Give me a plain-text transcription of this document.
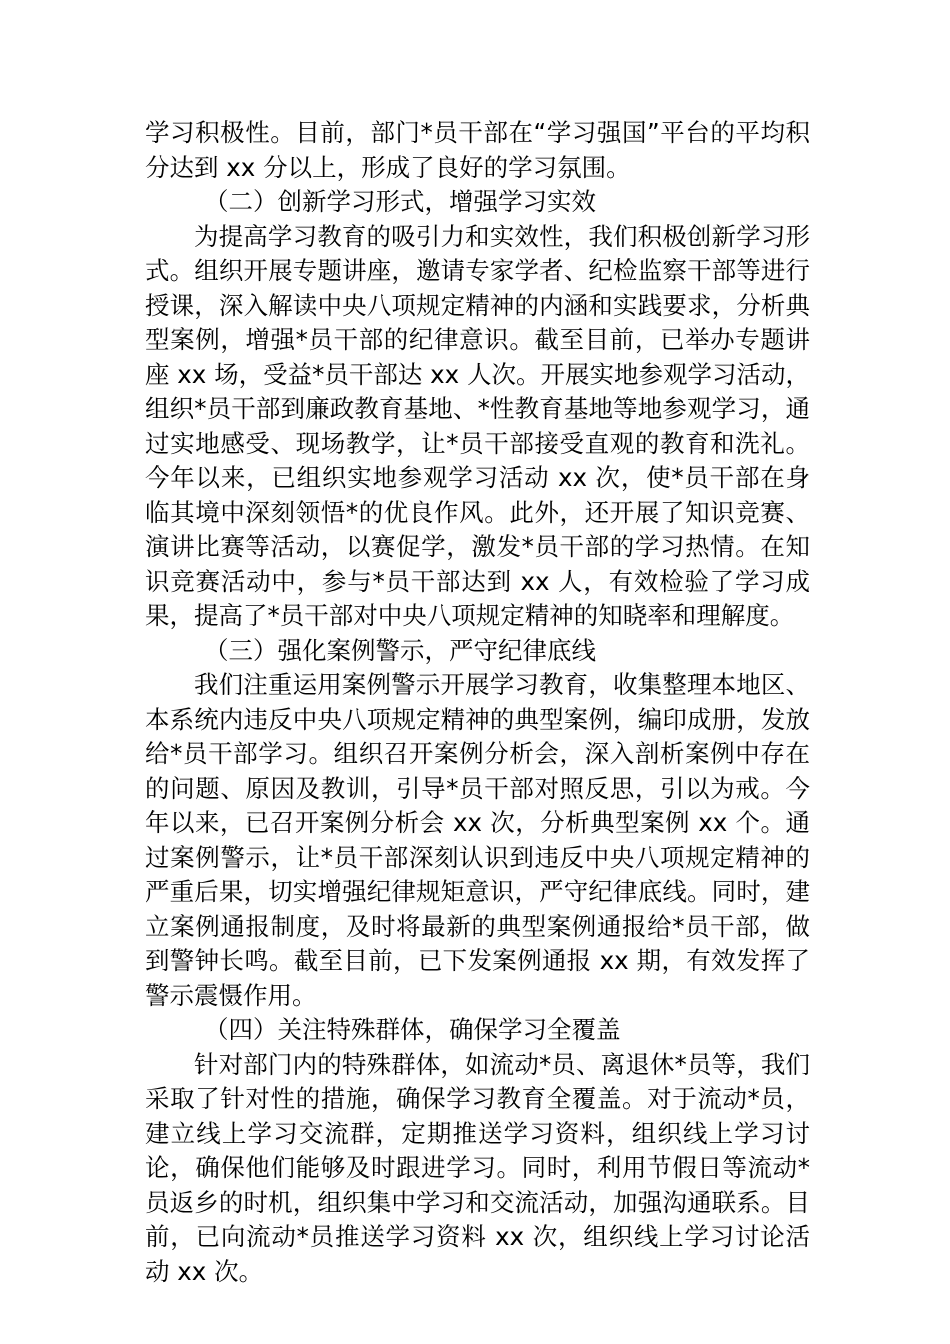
学习积极性。目前，部门*员干部在“学习强国”平台的平均积分达到 xx 分以上，形成了良好的学习氛围。

（二）创新学习形式，增强学习实效

为提高学习教育的吸引力和实效性，我们积极创新学习形式。组织开展专题讲座，邀请专家学者、纪检监察干部等进行授课，深入解读中央八项规定精神的内涵和实践要求，分析典型案例，增强*员干部的纪律意识。截至目前，已举办专题讲座 xx 场，受益*员干部达 xx 人次。开展实地参观学习活动，组织*员干部到廉政教育基地、*性教育基地等地参观学习，通过实地感受、现场教学，让*员干部接受直观的教育和洗礼。今年以来，已组织实地参观学习活动 xx 次，使*员干部在身临其境中深刻领悟*的优良作风。此外，还开展了知识竞赛、演讲比赛等活动，以赛促学，激发*员干部的学习热情。在知识竞赛活动中，参与*员干部达到 xx 人，有效检验了学习成果，提高了*员干部对中央八项规定精神的知晓率和理解度。

（三）强化案例警示，严守纪律底线

我们注重运用案例警示开展学习教育，收集整理本地区、本系统内违反中央八项规定精神的典型案例，编印成册，发放给*员干部学习。组织召开案例分析会，深入剖析案例中存在的问题、原因及教训，引导*员干部对照反思，引以为戒。今年以来，已召开案例分析会 xx 次，分析典型案例 xx 个。通过案例警示，让*员干部深刻认识到违反中央八项规定精神的严重后果，切实增强纪律规矩意识，严守纪律底线。同时，建立案例通报制度，及时将最新的典型案例通报给*员干部，做到警钟长鸣。截至目前，已下发案例通报 xx 期，有效发挥了警示震慑作用。

（四）关注特殊群体，确保学习全覆盖

针对部门内的特殊群体，如流动*员、离退休*员等，我们采取了针对性的措施，确保学习教育全覆盖。对于流动*员，建立线上学习交流群，定期推送学习资料，组织线上学习讨论，确保他们能够及时跟进学习。同时，利用节假日等流动*员返乡的时机，组织集中学习和交流活动，加强沟通联系。目前，已向流动*员推送学习资料 xx 次，组织线上学习讨论活动 xx 次。
